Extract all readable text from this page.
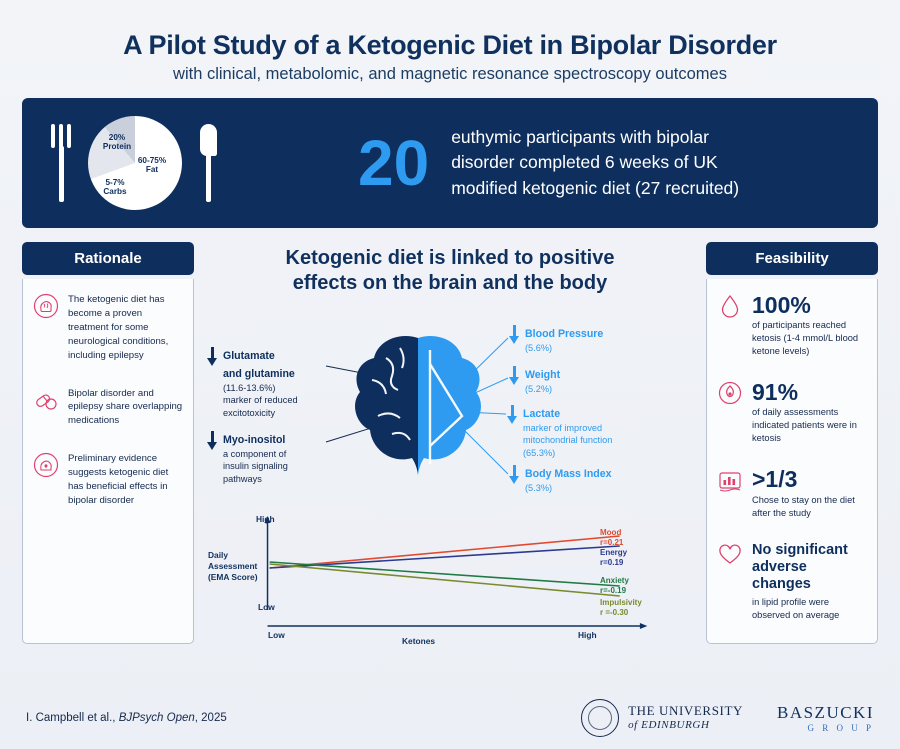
A Pilot Study of a Ketogenic Diet in Bipolar Disorder
with clinical, metabolomic, and magnetic resonance spectroscopy outcomes
60-75%
Fat
20%
Protein
5-7%
Carbs	20 euthymic participants with bipolar
disorder completed 6 weeks of UK
modified ketogenic diet (27 recruited)
Rationale
The ketogenic diet has become a proven treatment for some neurological conditions, including epilepsy
Bipolar disorder and epilepsy share overlapping medications
Preliminary evidence suggests ketogenic diet has beneficial effects in bipolar disorder
Ketogenic diet is linked to positive
effects on the brain and the body
Glutamate
and glutamine
(11.6-13.6%)
marker of reduced
excitotoxicity
Myo-inositol
a component of
insulin signaling
pathways
Blood Pressure
(5.6%)
Weight
(5.2%)
Lactate
marker of improved
mitochondrial function
(65.3%)
Body Mass Index
(5.3%)
High
Low
Daily
Assessment
(EMA Score)
Low	High
Ketones
Mood
r=0.21
Energy
r=0.19
Anxiety
r=-0.19
Impulsivity
r =-0.30
Feasibility
100%
of participants reached ketosis (1-4 mmol/L blood ketone levels)
91%
of daily assessments indicated patients were in ketosis
>1/3
Chose to stay on the diet after the study
No significant adverse changes
in lipid profile were observed on average
I. Campbell et al., BJPsych Open, 2025	THE UNIVERSITY
of EDINBURGH
BASZUCKI
G R O U P
